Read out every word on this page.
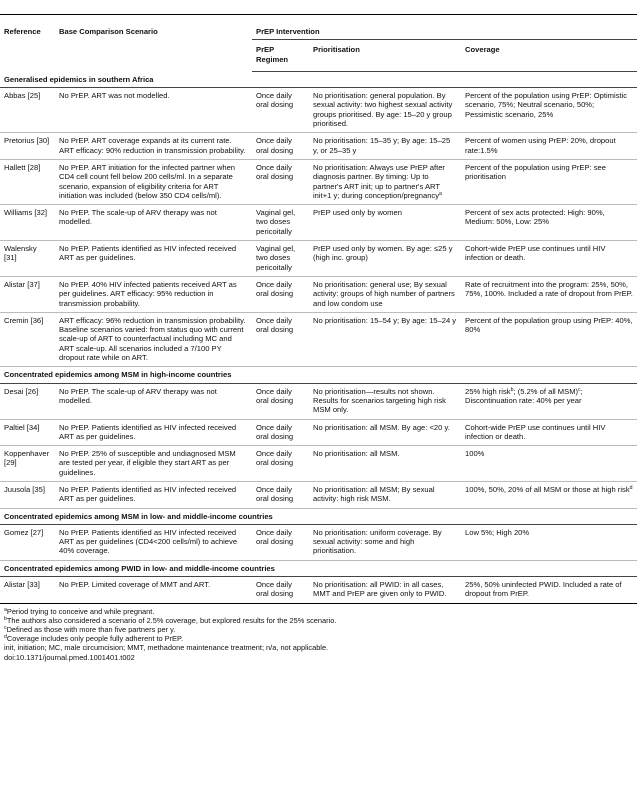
Reference	Base Comparison Scenario	PrEP Intervention		
		PrEP Regimen	Prioritisation	Coverage
Generalised epidemics in southern Africa				
Abbas [25]	No PrEP. ART was not modelled.	Once daily oral dosing	No prioritisation: general population. By sexual activity: two highest sexual activity groups prioritised. By age: 15–20 y group prioritised.	Percent of the population using PrEP: Optimistic scenario, 75%; Neutral scenario, 50%; Pessimistic scenario, 25%
Pretorius [30]	No PrEP. ART coverage expands at its current rate. ART efficacy: 90% reduction in transmission probability.	Once daily oral dosing	No prioritisation: 15–35 y; By age: 15–25 y, or 25–35 y	Percent of women using PrEP: 20%, dropout rate:1.5%
Hallett [28]	No PrEP. ART initiation for the infected partner when CD4 cell count fell below 200 cells/ml. In a separate scenario, expansion of eligibility criteria for ART initiation was included (below 350 CD4 cells/ml).	Once daily oral dosing	No prioritisation: Always use PrEP after diagnosis partner. By timing: Up to partner's ART init; up to partner's ART init+1 y; during conception/pregnancy$^a$	Percent of the population using PrEP: see prioritisation
Williams [32]	No PrEP. The scale-up of ARV therapy was not modelled.	Vaginal gel, two doses pericoitally	PrEP used only by women	Percent of sex acts protected: High: 90%, Medium: 50%, Low: 25%
Walensky [31]	No PrEP. Patients identified as HIV infected received ART as per guidelines.	Vaginal gel, two doses pericoitally	PrEP used only by women. By age: ≤25 y (high inc. group)	Cohort-wide PrEP use continues until HIV infection or death.
Alistar [37]	No PrEP. 40% HIV infected patients received ART as per guidelines. ART efficacy: 95% reduction in transmission probability.	Once daily oral dosing	No prioritisation: general use; By sexual activity: groups of high number of partners and low condom use	Rate of recruitment into the program: 25%, 50%, 75%, 100%. Included a rate of dropout from PrEP.
Cremin [36]	ART efficacy: 96% reduction in transmission probability. Baseline scenarios varied: from status quo with current scale-up of ART to counterfactual including MC and ART scale-up. All scenarios included a 7/100 PY dropout rate while on ART.	Once daily oral dosing	No prioritisation: 15–54 y; By age: 15–24 y	Percent of the population group using PrEP: 40%, 80%
Concentrated epidemics among MSM in high-income countries				
Desai [26]	No PrEP. The scale-up of ARV therapy was not modelled.	Once daily oral dosing	No prioritisation—results not shown. Results for scenarios targeting high risk MSM only.	25% high risk$^b$; (5.2% of all MSM)$^c$; Discontinuation rate: 40% per year
Paltiel [34]	No PrEP. Patients identified as HIV infected received ART as per guidelines.	Once daily oral dosing	No prioritisation: all MSM. By age: <20 y.	Cohort-wide PrEP use continues until HIV infection or death.
Koppenhaver [29]	No PrEP. 25% of susceptible and undiagnosed MSM are tested per year, if eligible they start ART as per guidelines.	Once daily oral dosing	No prioritisation: all MSM.	100%
Juusola [35]	No PrEP. Patients identified as HIV infected received ART as per guidelines.	Once daily oral dosing	No prioritisation: all MSM; By sexual activity: high risk MSM.	100%, 50%, 20% of all MSM or those at high risk$^d$
Concentrated epidemics among MSM in low- and middle-income countries				
Gomez [27]	No PrEP. Patients identified as HIV infected received ART as per guidelines (CD4<200 cells/ml) to achieve 40% coverage.	Once daily oral dosing	No prioritisation: uniform coverage. By sexual activity: some and high prioritisation.	Low 5%; High 20%
Concentrated epidemics among PWID in low- and middle-income countries				
Alistar [33]	No PrEP. Limited coverage of MMT and ART.	Once daily oral dosing	No prioritisation: all PWID: in all cases, MMT and PrEP are given only to PWID.	25%, 50% uninfected PWID. Included a rate of dropout from PrEP.
$^a$Period trying to conceive and while pregnant.
$^b$The authors also considered a scenario of 2.5% coverage, but explored results for the 25% scenario.
$^c$Defined as those with more than five partners per y.
$^d$Coverage includes only people fully adherent to PrEP.
init, initiation; MC, male circumcision; MMT, methadone maintenance treatment; n/a, not applicable.
doi:10.1371/journal.pmed.1001401.t002
